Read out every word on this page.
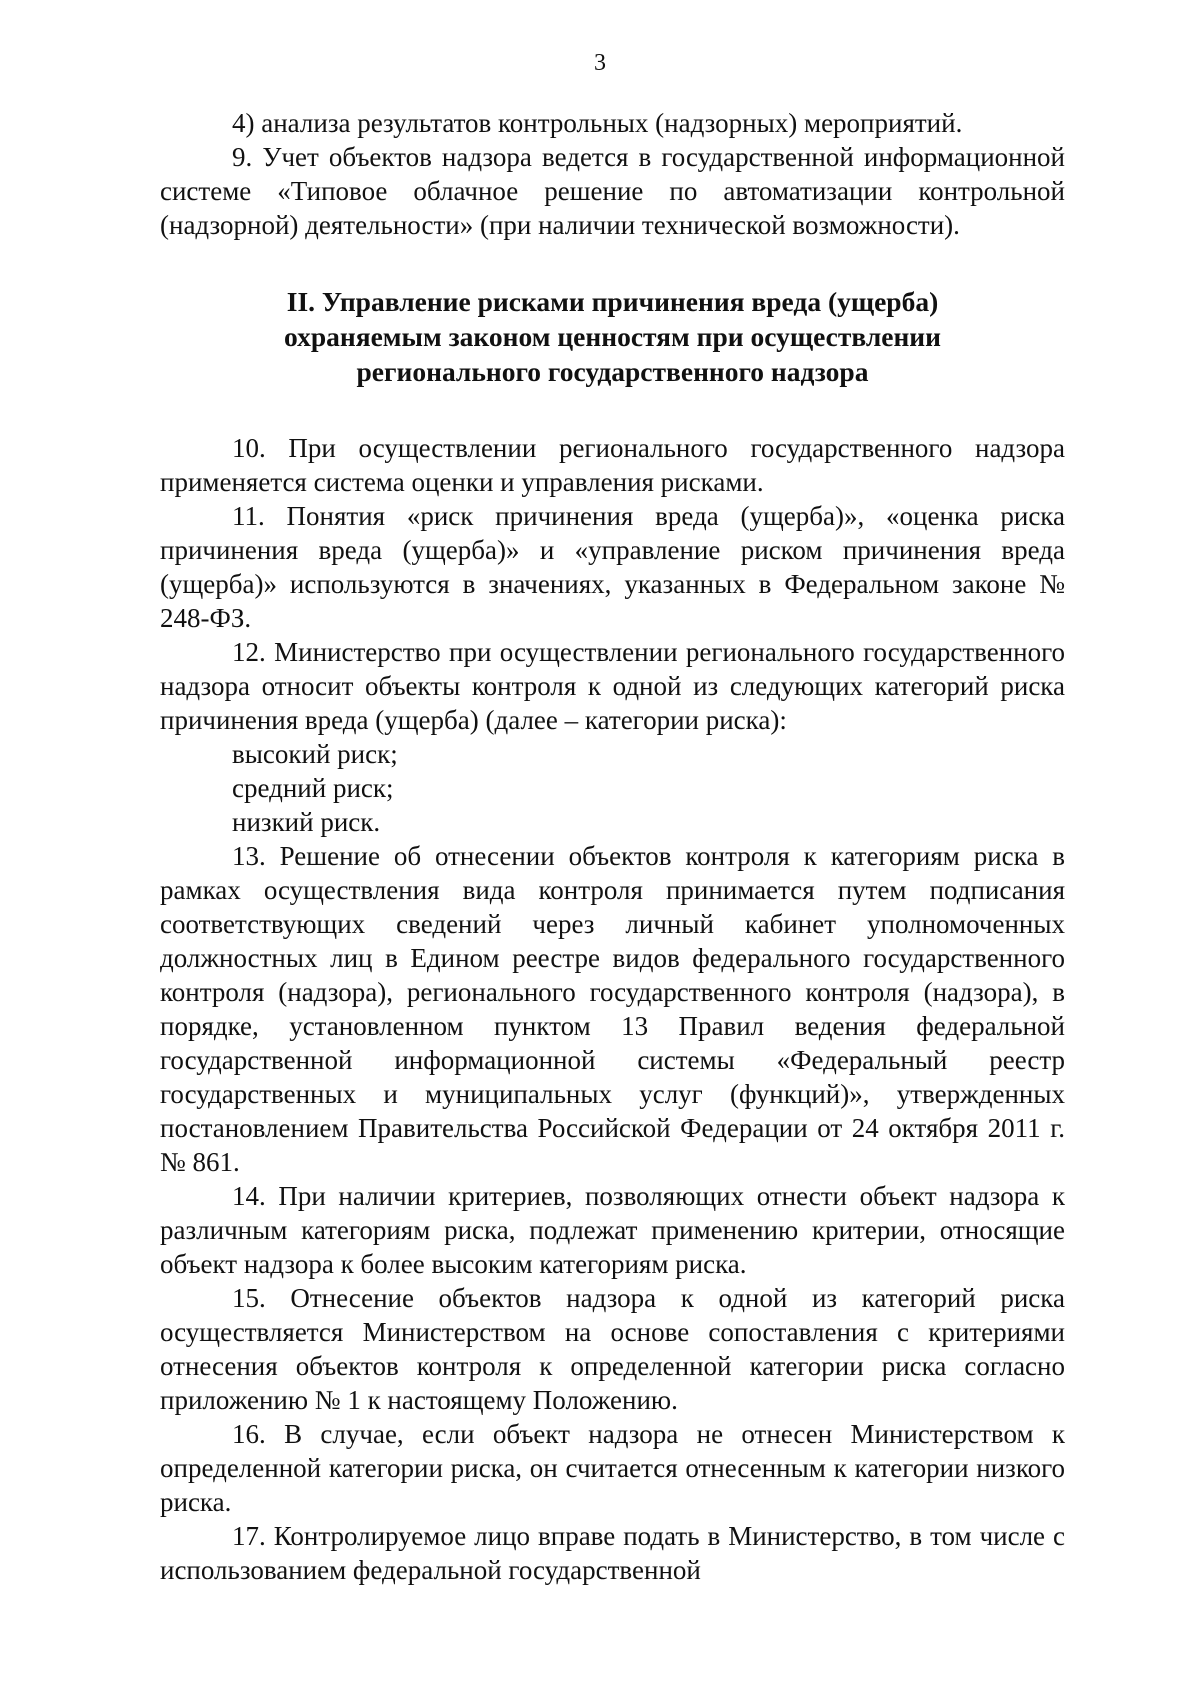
3

4) анализа результатов контрольных (надзорных) мероприятий.

9. Учет объектов надзора ведется в государственной информационной системе «Типовое облачное решение по автоматизации контрольной (надзорной) деятельности» (при наличии технической возможности).

II. Управление рисками причинения вреда (ущерба)
охраняемым законом ценностям при осуществлении
регионального государственного надзора

10. При осуществлении регионального государственного надзора применяется система оценки и управления рисками.

11. Понятия «риск причинения вреда (ущерба)», «оценка риска причинения вреда (ущерба)» и «управление риском причинения вреда (ущерба)» используются в значениях, указанных в Федеральном законе № 248-ФЗ.

12. Министерство при осуществлении регионального государственного надзора относит объекты контроля к одной из следующих категорий риска причинения вреда (ущерба) (далее – категории риска):

высокий риск;

средний риск;

низкий риск.

13. Решение об отнесении объектов контроля к категориям риска в рамках осуществления вида контроля принимается путем подписания соответствующих сведений через личный кабинет уполномоченных должностных лиц в Едином реестре видов федерального государственного контроля (надзора), регионального государственного контроля (надзора), в порядке, установленном пунктом 13 Правил ведения федеральной государственной информационной системы «Федеральный реестр государственных и муниципальных услуг (функций)», утвержденных постановлением Правительства Российской Федерации от 24 октября 2011 г. № 861.

14. При наличии критериев, позволяющих отнести объект надзора к различным категориям риска, подлежат применению критерии, относящие объект надзора к более высоким категориям риска.

15. Отнесение объектов надзора к одной из категорий риска осуществляется Министерством на основе сопоставления с критериями отнесения объектов контроля к определенной категории риска согласно приложению № 1 к настоящему Положению.

16. В случае, если объект надзора не отнесен Министерством к определенной категории риска, он считается отнесенным к категории низкого риска.

17. Контролируемое лицо вправе подать в Министерство, в том числе с использованием федеральной государственной
